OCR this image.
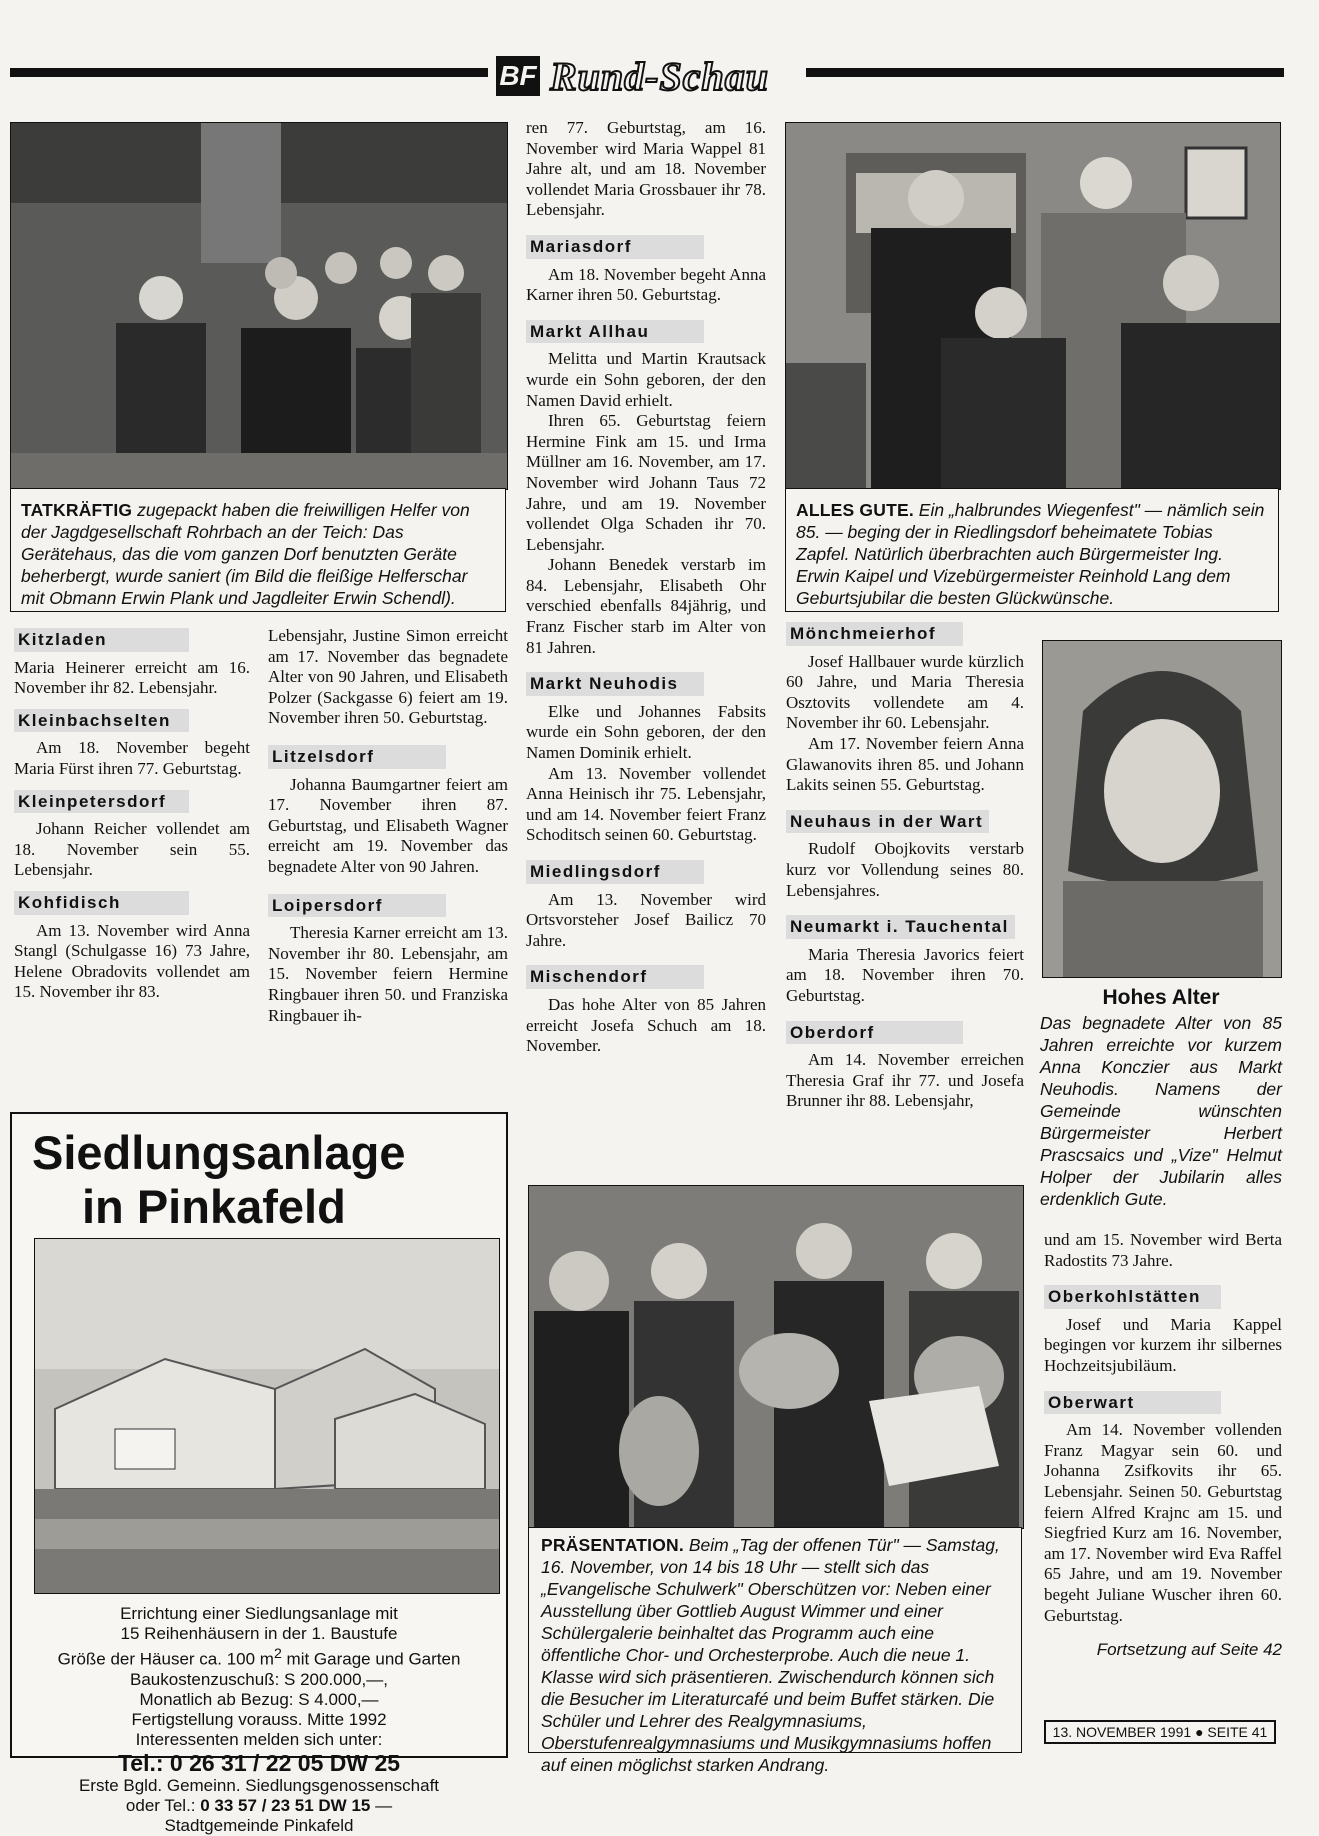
BF Rund-Schau
TATKRÄFTIG zugepackt haben die freiwilligen Helfer von der Jagdgesellschaft Rohrbach an der Teich: Das Gerätehaus, das die vom ganzen Dorf benutzten Geräte beherbergt, wurde saniert (im Bild die fleißige Helferschar mit Obmann Erwin Plank und Jagdleiter Erwin Schendl).
Kitzladen

Maria Heinerer erreicht am 16. November ihr 82. Lebensjahr.

Kleinbachselten

Am 18. November begeht Maria Fürst ihren 77. Geburtstag.

Kleinpetersdorf

Johann Reicher vollendet am 18. November sein 55. Lebensjahr.

Kohfidisch

Am 13. November wird Anna Stangl (Schulgasse 16) 73 Jahre, Helene Obradovits vollendet am 15. November ihr 83.

Lebensjahr, Justine Simon erreicht am 17. November das begnadete Alter von 90 Jahren, und Elisabeth Polzer (Sackgasse 6) feiert am 19. November ihren 50. Geburtstag.

Litzelsdorf

Johanna Baumgartner feiert am 17. November ihren 87. Geburtstag, und Elisabeth Wagner erreicht am 19. November das begnadete Alter von 90 Jahren.

Loipersdorf

Theresia Karner erreicht am 13. November ihr 80. Lebensjahr, am 15. November feiern Hermine Ringbauer ihren 50. und Franziska Ringbauer ih-

ren 77. Geburtstag, am 16. November wird Maria Wappel 81 Jahre alt, und am 18. November vollendet Maria Grossbauer ihr 78. Lebensjahr.

Mariasdorf

Am 18. November begeht Anna Karner ihren 50. Geburtstag.

Markt Allhau

Melitta und Martin Krautsack wurde ein Sohn geboren, der den Namen David erhielt.

Ihren 65. Geburtstag feiern Hermine Fink am 15. und Irma Müllner am 16. November, am 17. November wird Johann Taus 72 Jahre, und am 19. November vollendet Olga Schaden ihr 70. Lebensjahr.

Johann Benedek verstarb im 84. Lebensjahr, Elisabeth Ohr verschied ebenfalls 84jährig, und Franz Fischer starb im Alter von 81 Jahren.

Markt Neuhodis

Elke und Johannes Fabsits wurde ein Sohn geboren, der den Namen Dominik erhielt.

Am 13. November vollendet Anna Heinisch ihr 75. Lebensjahr, und am 14. November feiert Franz Schoditsch seinen 60. Geburtstag.

Miedlingsdorf

Am 13. November wird Ortsvorsteher Josef Bailicz 70 Jahre.

Mischendorf

Das hohe Alter von 85 Jahren erreicht Josefa Schuch am 18. November.

ALLES GUTE. Ein „halbrundes Wiegenfest" — nämlich sein 85. — beging der in Riedlingsdorf beheimatete Tobias Zapfel. Natürlich überbrachten auch Bürgermeister Ing. Erwin Kaipel und Vizebürgermeister Reinhold Lang dem Geburtsjubilar die besten Glückwünsche.
Mönchmeierhof

Josef Hallbauer wurde kürzlich 60 Jahre, und Maria Theresia Osztovits vollendete am 4. November ihr 60. Lebensjahr.

Am 17. November feiern Anna Glawanovits ihren 85. und Johann Lakits seinen 55. Geburtstag.

Neuhaus in der Wart

Rudolf Obojkovits verstarb kurz vor Vollendung seines 80. Lebensjahres.

Neumarkt i. Tauchental

Maria Theresia Javorics feiert am 18. November ihren 70. Geburtstag.

Oberdorf

Am 14. November erreichen Theresia Graf ihr 77. und Josefa Brunner ihr 88. Lebensjahr,

Hohes Alter
Das begnadete Alter von 85 Jahren erreichte vor kurzem Anna Konczier aus Markt Neuhodis. Namens der Gemeinde wünschten Bürgermeister Herbert Prascsaics und „Vize" Helmut Holper der Jubilarin alles erdenklich Gute.
Siedlungsanlage
in Pinkafeld
Errichtung einer Siedlungsanlage mit
15 Reihenhäusern in der 1. Baustufe
Größe der Häuser ca. 100 $m^2$ mit Garage und Garten
Baukostenzuschuß: S 200.000,—,
Monatlich ab Bezug: S 4.000,—
Fertigstellung vorauss. Mitte 1992
Interessenten melden sich unter:
Tel.: 0 26 31 / 22 05 DW 25
Erste Bgld. Gemeinn. Siedlungsgenossenschaft
oder Tel.: 0 33 57 / 23 51 DW 15 —
Stadtgemeinde Pinkafeld
PRÄSENTATION. Beim „Tag der offenen Tür" — Samstag, 16. November, von 14 bis 18 Uhr — stellt sich das „Evangelische Schulwerk" Oberschützen vor: Neben einer Ausstellung über Gottlieb August Wimmer und einer Schülergalerie beinhaltet das Programm auch eine öffentliche Chor- und Orchesterprobe. Auch die neue 1. Klasse wird sich präsentieren. Zwischendurch können sich die Besucher im Literaturcafé und beim Buffet stärken. Die Schüler und Lehrer des Realgymnasiums, Oberstufenrealgymnasiums und Musikgymnasiums hoffen auf einen möglichst starken Andrang.

und am 15. November wird Berta Radostits 73 Jahre.

Oberkohlstätten

Josef und Maria Kappel begingen vor kurzem ihr silbernes Hochzeitsjubiläum.

Oberwart

Am 14. November vollenden Franz Magyar sein 60. und Johanna Zsifkovits ihr 65. Lebensjahr. Seinen 50. Geburtstag feiern Alfred Krajnc am 15. und Siegfried Kurz am 16. November, am 17. November wird Eva Raffel 65 Jahre, und am 19. November begeht Juliane Wuscher ihren 60. Geburtstag.

Fortsetzung auf Seite 42
13. NOVEMBER 1991 ● SEITE 41
